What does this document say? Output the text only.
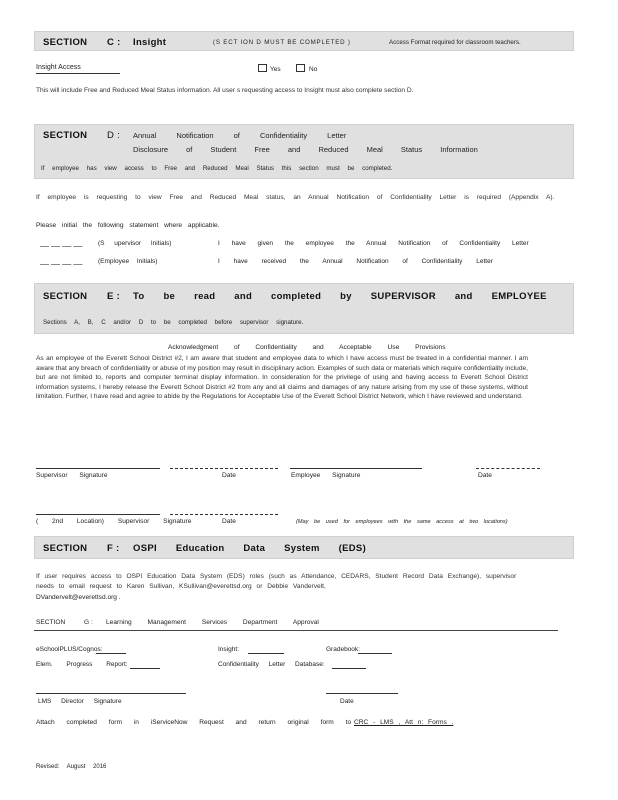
SECTION C : Insight	(S ECT ION D MUST BE COMPLETED )	Access Format required for classroom teachers.
Insight Access	Yes	No
This will include Free and Reduced Meal Status information. All user s requesting access to Insight must also complete section D.
SECTION D : Annual Notification of Confidentiality Letter
Disclosure of Student Free and Reduced Meal Status Information
If employee has view access to Free and Reduced Meal Status this section must be completed.
If employee is requesting to view Free and Reduced Meal status, an Annual Notification of Confidentiality Letter is required (Appendix A).
Please initial the following statement where applicable.
__ __ __ __ (S upervisor Initials)	I have given the employee the Annual Notification of Confidentiality Letter
__ __ __ __ (Employee Initials)	I have received the Annual Notification of Confidentiality Letter
SECTION E : To be read and completed by SUPERVISOR and EMPLOYEE
Sections A, B, C and/or D to be completed before supervisor signature.
Acknowledgment of Confidentiality and Acceptable Use Provisions
As an employee of the Everett School District #2, I am aware that student and employee data to which I have access must be treated in a confidential manner. I am aware that any breach of confidentiality or abuse of my position may result in disciplinary action. Examples of such data or materials which require confidentiality include, but are not limited to, reports and computer terminal display information. In consideration for the privilege of using and having access to Everett School District information systems, I hereby release the Everett School District #2 from any and all claims and damages of any nature arising from my use of these systems, without limitation. Further, I have read and agree to abide by the Regulations for Acceptable Use of the Everett School District Network, which I have reviewed and understand.
Supervisor Signature	Date	Employee Signature	Date
( 2nd Location) Supervisor Signature	Date	(May be used for employees with the same access at two locations)
SECTION F : OSPI Education Data System (EDS)
If user requires access to OSPI Education Data System (EDS) roles (such as Attendance, CEDARS, Student Record Data Exchange), supervisor needs to email request to Karen Sullivan, KSullivan@everettsd.org or Debbie Vandervelt,
DVandervelt@everettsd.org .
SECTION	G : Learning Management Services Department Approval
eSchoolPLUS/Cognos:	Insight:	Gradebook:
Elem. Progress Report:	Confidentiality Letter Database:
LMS Director Signature	Date
Attach completed form in iServiceNow Request and return original form to CRC - LMS , Att n: Forms .
Revised: August 2016
